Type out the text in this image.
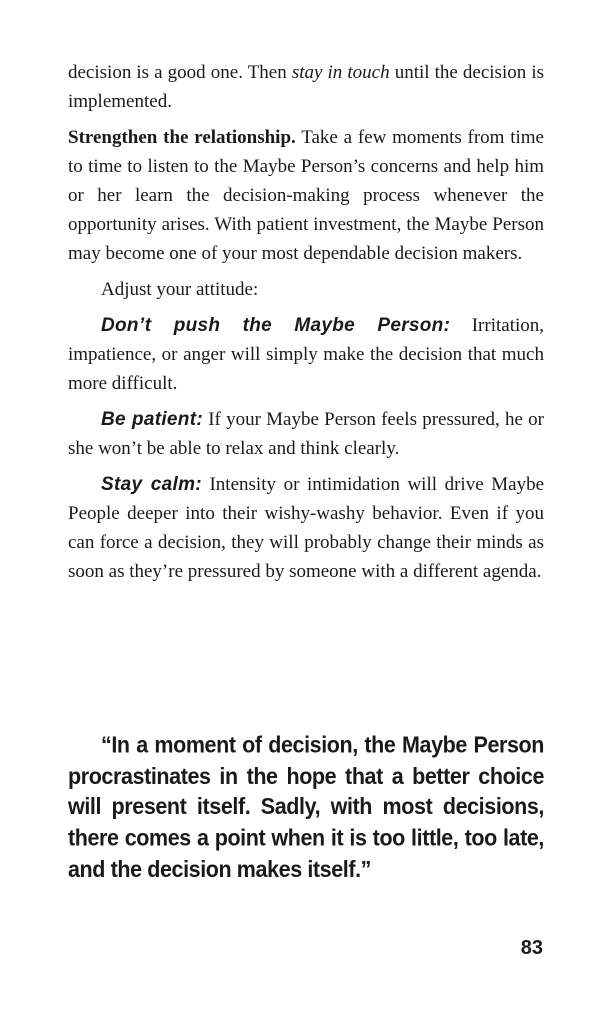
decision is a good one. Then stay in touch until the decision is implemented.

Strengthen the relationship. Take a few moments from time to time to listen to the Maybe Person’s concerns and help him or her learn the decision-making process whenever the opportunity arises. With patient investment, the Maybe Person may become one of your most dependable decision makers.

Adjust your attitude:

Don’t push the Maybe Person: Irritation, impatience, or anger will simply make the decision that much more difficult.

Be patient: If your Maybe Person feels pressured, he or she won’t be able to relax and think clearly.

Stay calm: Intensity or intimidation will drive Maybe People deeper into their wishy-washy behavior. Even if you can force a decision, they will probably change their minds as soon as they’re pressured by someone with a different agenda.

“In a moment of decision, the Maybe Person procrastinates in the hope that a better choice will present itself. Sadly, with most decisions, there comes a point when it is too little, too late, and the decision makes itself.”
83
